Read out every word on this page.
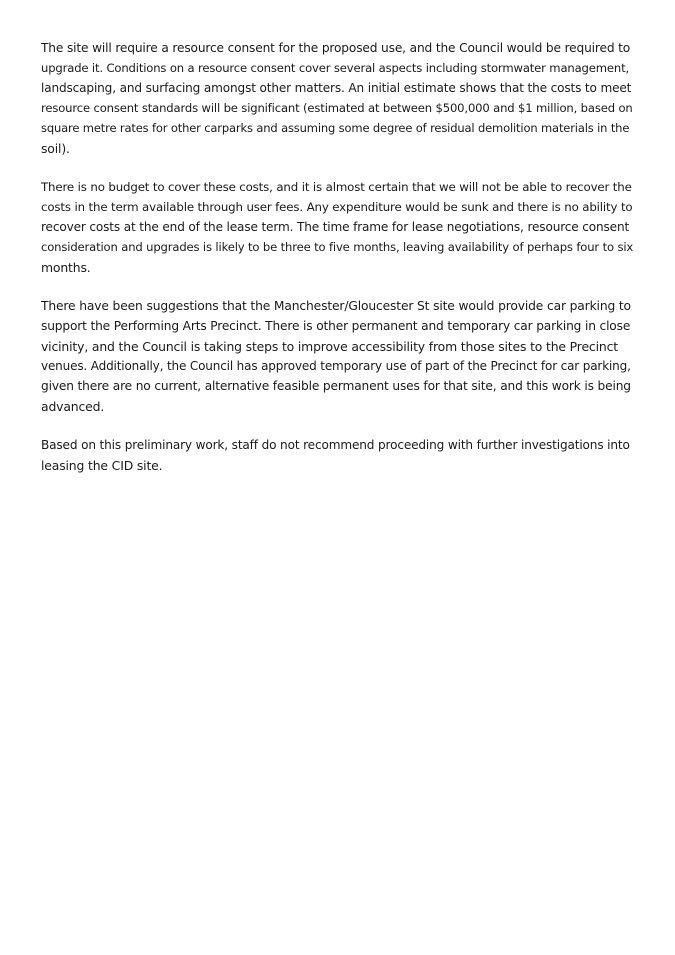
The site will require a resource consent for the proposed use, and the Council would be required to
upgrade it. Conditions on a resource consent cover several aspects including stormwater management,
landscaping, and surfacing amongst other matters. An initial estimate shows that the costs to meet
resource consent standards will be significant (estimated at between $500,000 and $1 million, based on
square metre rates for other carparks and assuming some degree of residual demolition materials in the
soil).

There is no budget to cover these costs, and it is almost certain that we will not be able to recover the
costs in the term available through user fees. Any expenditure would be sunk and there is no ability to
recover costs at the end of the lease term. The time frame for lease negotiations, resource consent
consideration and upgrades is likely to be three to five months, leaving availability of perhaps four to six
months.

There have been suggestions that the Manchester/Gloucester St site would provide car parking to
support the Performing Arts Precinct. There is other permanent and temporary car parking in close
vicinity, and the Council is taking steps to improve accessibility from those sites to the Precinct
venues. Additionally, the Council has approved temporary use of part of the Precinct for car parking,
given there are no current, alternative feasible permanent uses for that site, and this work is being
advanced.

Based on this preliminary work, staff do not recommend proceeding with further investigations into
leasing the CID site.
